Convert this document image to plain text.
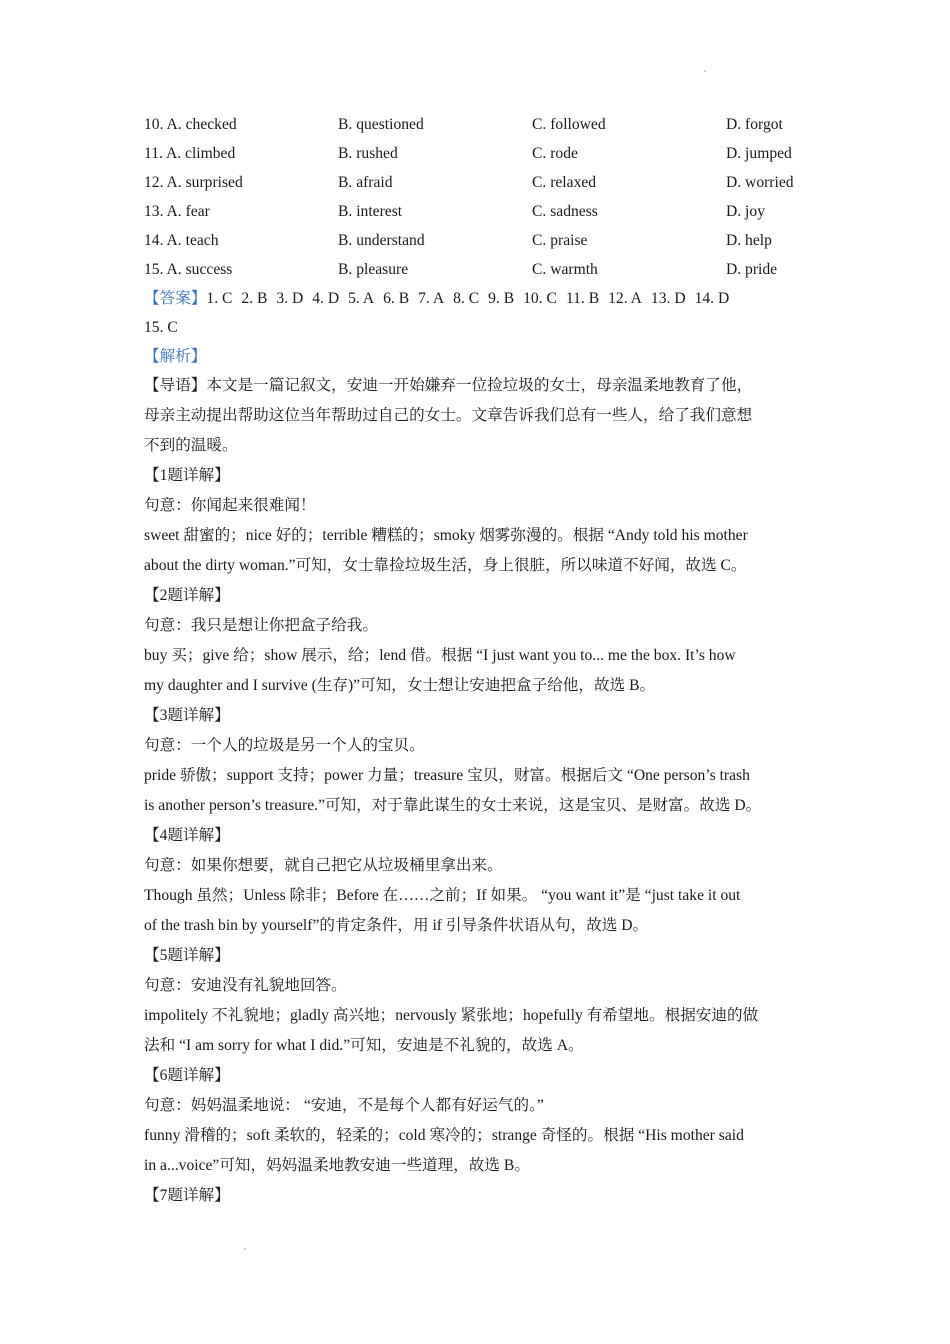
10. A. checked	B. questioned	C. followed	D. forgot
11. A. climbed	B. rushed	C. rode	D. jumped
12. A. surprised	B. afraid	C. relaxed	D. worried
13. A. fear	B. interest	C. sadness	D. joy
14. A. teach	B. understand	C. praise	D. help
15. A. success	B. pleasure	C. warmth	D. pride
【答案】1. C 2. B 3. D 4. D 5. A 6. B 7. A 8. C 9. B 10. C 11. B 12. A 13. D 14. D
15. C
【解析】
【导语】本文是一篇记叙文，安迪一开始嫌弃一位捡垃圾的女士，母亲温柔地教育了他，
母亲主动提出帮助这位当年帮助过自己的女士。文章告诉我们总有一些人，给了我们意想
不到的温暖。
【1题详解】
句意：你闻起来很难闻！
sweet 甜蜜的；nice 好的；terrible 糟糕的；smoky 烟雾弥漫的。根据 “Andy told his mother
about the dirty woman.”可知，女士靠捡垃圾生活，身上很脏，所以味道不好闻，故选 C。
【2题详解】
句意：我只是想让你把盒子给我。
buy 买；give 给；show 展示，给；lend 借。根据 “I just want you to... me the box. It’s how
my daughter and I survive (生存)”可知，女士想让安迪把盒子给他，故选 B。
【3题详解】
句意：一个人的垃圾是另一个人的宝贝。
pride 骄傲；support 支持；power 力量；treasure 宝贝，财富。根据后文 “One person’s trash
is another person’s treasure.”可知，对于靠此谋生的女士来说，这是宝贝、是财富。故选 D。
【4题详解】
句意：如果你想要，就自己把它从垃圾桶里拿出来。
Though 虽然；Unless 除非；Before 在……之前；If 如果。 “you want it”是 “just take it out
of the trash bin by yourself”的肯定条件，用 if 引导条件状语从句，故选 D。
【5题详解】
句意：安迪没有礼貌地回答。
impolitely 不礼貌地；gladly 高兴地；nervously 紧张地；hopefully 有希望地。根据安迪的做
法和 “I am sorry for what I did.”可知，安迪是不礼貌的，故选 A。
【6题详解】
句意：妈妈温柔地说： “安迪，不是每个人都有好运气的。”
funny 滑稽的；soft 柔软的，轻柔的；cold 寒冷的；strange 奇怪的。根据 “His mother said
in a...voice”可知，妈妈温柔地教安迪一些道理，故选 B。
【7题详解】
